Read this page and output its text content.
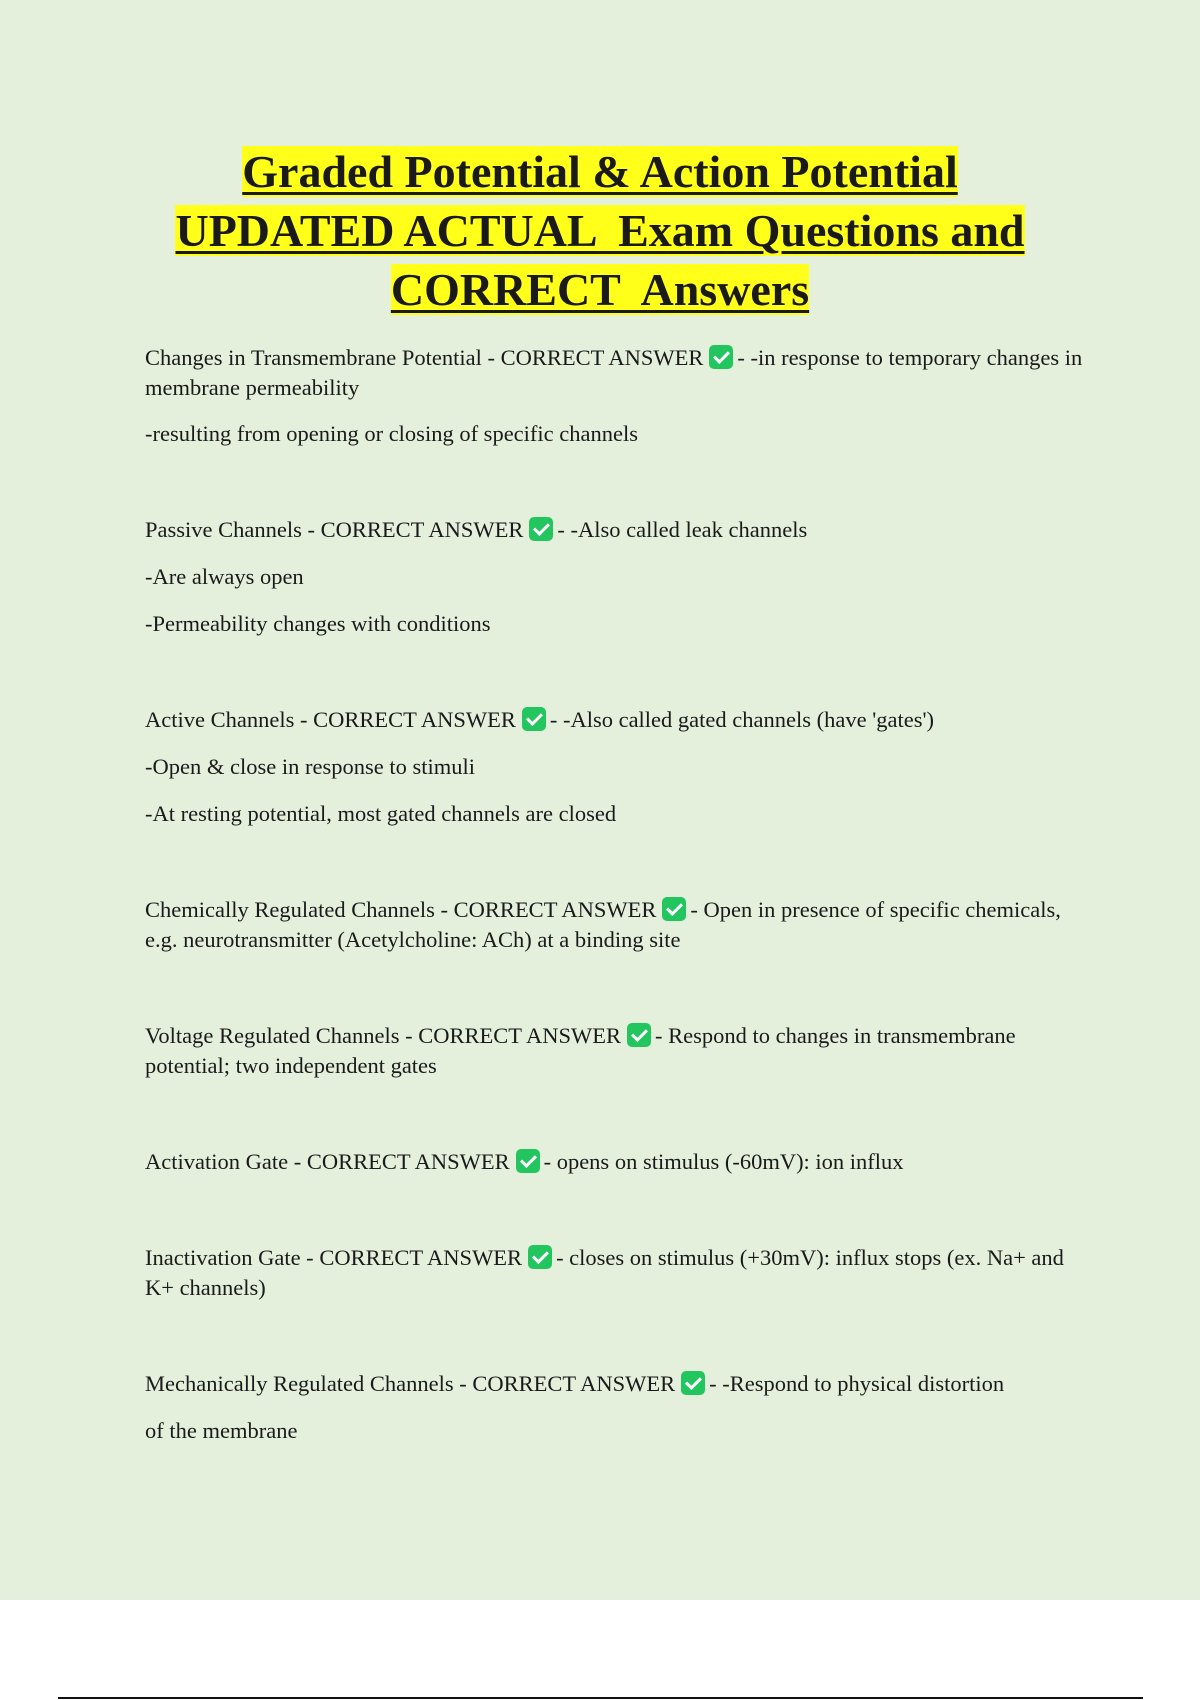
Graded Potential & Action Potential
UPDATED ACTUAL  Exam Questions and
CORRECT  Answers

Changes in Transmembrane Potential - CORRECT ANSWER - -in response to temporary changes in membrane permeability

-resulting from opening or closing of specific channels

Passive Channels - CORRECT ANSWER - -Also called leak channels

-Are always open

-Permeability changes with conditions

Active Channels - CORRECT ANSWER - -Also called gated channels (have 'gates')

-Open & close in response to stimuli

-At resting potential, most gated channels are closed

Chemically Regulated Channels - CORRECT ANSWER - Open in presence of specific chemicals, e.g. neurotransmitter (Acetylcholine: ACh) at a binding site

Voltage Regulated Channels - CORRECT ANSWER - Respond to changes in transmembrane potential; two independent gates

Activation Gate - CORRECT ANSWER - opens on stimulus (-60mV): ion influx

Inactivation Gate - CORRECT ANSWER - closes on stimulus (+30mV): influx stops (ex. Na+ and K+ channels)

Mechanically Regulated Channels - CORRECT ANSWER - -Respond to physical distortion

of the membrane
